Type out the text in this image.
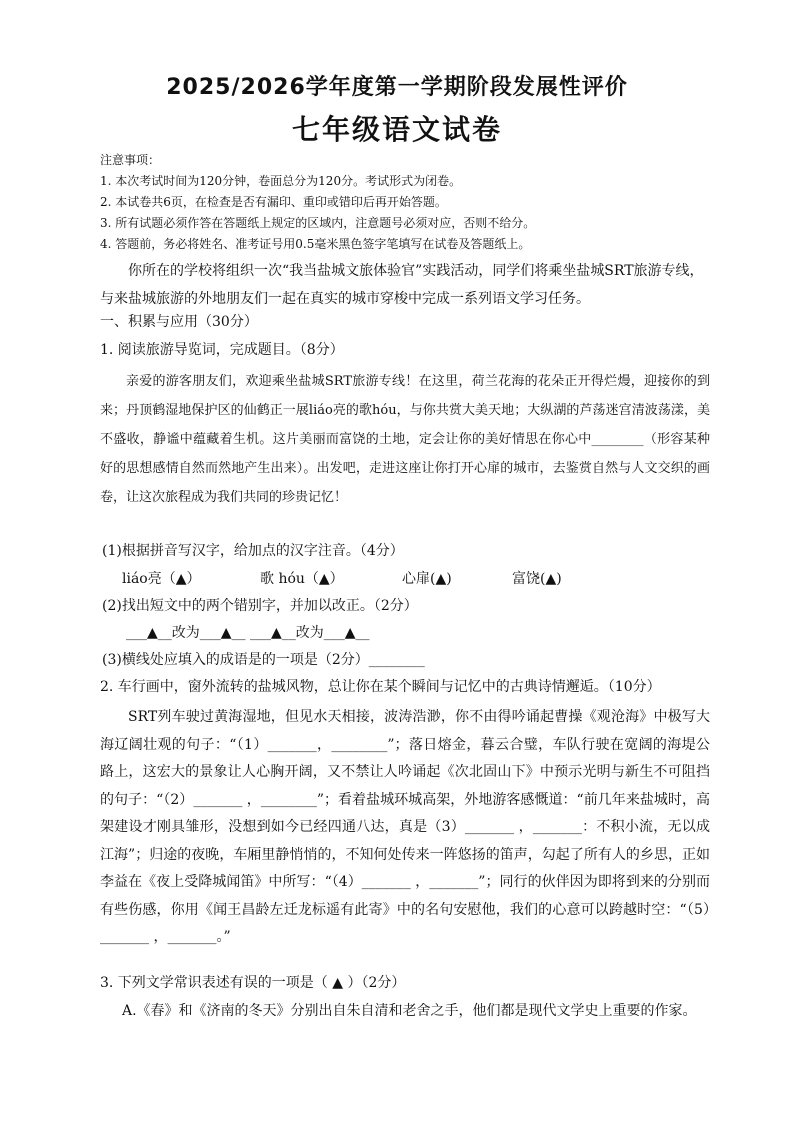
2025/2026学年度第一学期阶段发展性评价
七年级语文试卷
注意事项：
1. 本次考试时间为120分钟，卷面总分为120分。考试形式为闭卷。
2. 本试卷共6页，在检查是否有漏印、重印或错印后再开始答题。
3. 所有试题必须作答在答题纸上规定的区域内，注意题号必须对应，否则不给分。
4. 答题前，务必将姓名、准考证号用0.5毫米黑色签字笔填写在试卷及答题纸上。
你所在的学校将组织一次“我当盐城文旅体验官”实践活动，同学们将乘坐盐城SRT旅游专线，与来盐城旅游的外地朋友们一起在真实的城市穿梭中完成一系列语文学习任务。
一、积累与应用（30分）
1. 阅读旅游导览词，完成题目。（8分）
亲爱的游客朋友们，欢迎乘坐盐城SRT旅游专线！在这里，荷兰花海的花朵正开得烂熳，迎接你的到来；丹顶鹤湿地保护区的仙鹤正一展liáo亮的歌hóu，与你共赏大美天地；大纵湖的芦荡迷宫清波荡漾，美不盛收，静谧中蕴藏着生机。这片美丽而富饶的土地，定会让你的美好情思在你心中________（形容某种好的思想感情自然而然地产生出来）。出发吧，走进这座让你打开心扉的城市，去鉴赏自然与人文交织的画卷，让这次旅程成为我们共同的珍贵记忆！
(1)根据拼音写汉字，给加点的汉字注音。（4分）
liáo亮（▲）	歌 hóu（▲）	心扉(▲)	富饶(▲)
(2)找出短文中的两个错别字，并加以改正。（2分）
___▲__改为___▲__ ___▲__改为___▲__
(3)横线处应填入的成语是的一项是（2分）________
2. 车行画中，窗外流转的盐城风物，总让你在某个瞬间与记忆中的古典诗情邂逅。（10分）
SRT列车驶过黄海湿地，但见水天相接，波涛浩渺，你不由得吟诵起曹操《观沧海》中极写大海辽阔壮观的句子：“（1）_______，________”；落日熔金，暮云合璧，车队行驶在宽阔的海堤公路上，这宏大的景象让人心胸开阔，又不禁让人吟诵起《次北固山下》中预示光明与新生不可阻挡的句子：“（2）_______ ，________”；看着盐城环城高架，外地游客感慨道：“前几年来盐城时，高架建设才刚具雏形，没想到如今已经四通八达，真是（3）_______ ，_______：不积小流，无以成江海”；归途的夜晚，车厢里静悄悄的，不知何处传来一阵悠扬的笛声，勾起了所有人的乡思，正如李益在《夜上受降城闻笛》中所写：“（4）_______ ，_______”；同行的伙伴因为即将到来的分别而有些伤感，你用《闻王昌龄左迁龙标遥有此寄》中的名句安慰他，我们的心意可以跨越时空：“（5）_______ ，_______。”
3. 下列文学常识表述有误的一项是（ ▲ ）（2分）
A.《春》和《济南的冬天》分别出自朱自清和老舍之手，他们都是现代文学史上重要的作家。
